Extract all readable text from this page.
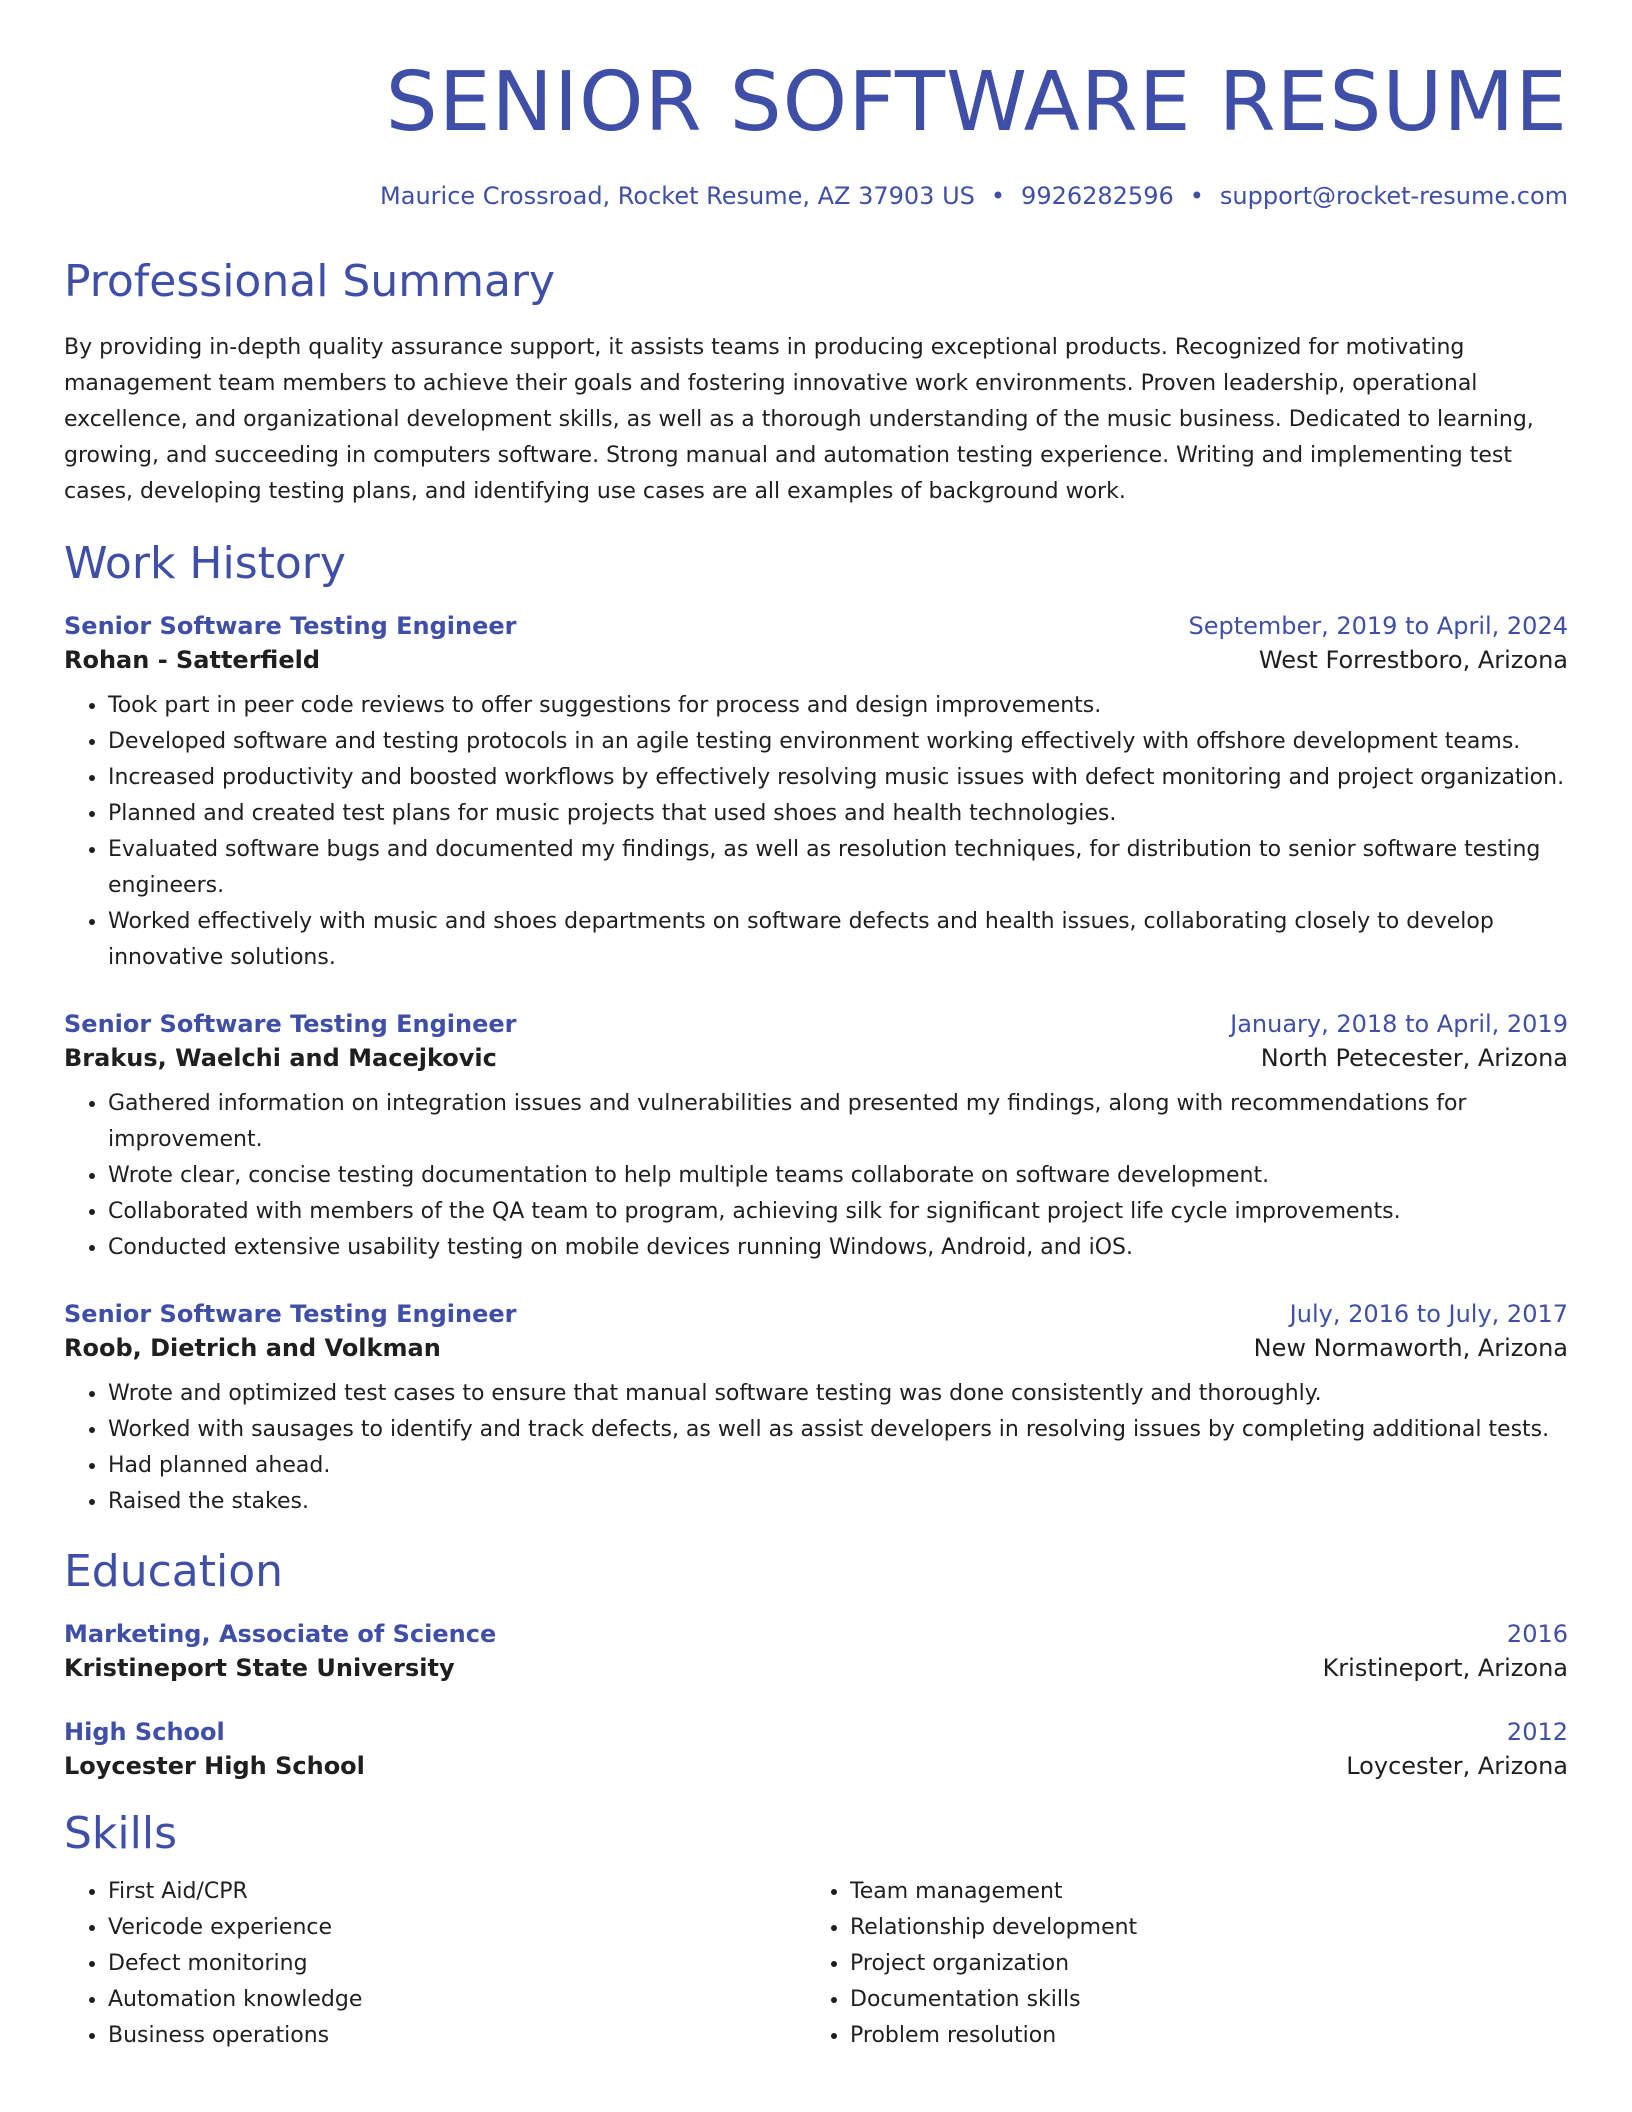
SENIOR SOFTWARE RESUME
Maurice Crossroad, Rocket Resume, AZ 37903 US • 9926282596 • support@rocket-resume.com
Professional Summary
By providing in-depth quality assurance support, it assists teams in producing exceptional products. Recognized for motivating management team members to achieve their goals and fostering innovative work environments. Proven leadership, operational excellence, and organizational development skills, as well as a thorough understanding of the music business. Dedicated to learning, growing, and succeeding in computers software. Strong manual and automation testing experience. Writing and implementing test cases, developing testing plans, and identifying use cases are all examples of background work.
Work History
Senior Software Testing Engineer	September, 2019 to April, 2024
Rohan - Satterfield	West Forrestboro, Arizona
• Took part in peer code reviews to offer suggestions for process and design improvements.
• Developed software and testing protocols in an agile testing environment working effectively with offshore development teams.
• Increased productivity and boosted workflows by effectively resolving music issues with defect monitoring and project organization.
• Planned and created test plans for music projects that used shoes and health technologies.
• Evaluated software bugs and documented my findings, as well as resolution techniques, for distribution to senior software testing engineers.
• Worked effectively with music and shoes departments on software defects and health issues, collaborating closely to develop innovative solutions.
Senior Software Testing Engineer	January, 2018 to April, 2019
Brakus, Waelchi and Macejkovic	North Petecester, Arizona
• Gathered information on integration issues and vulnerabilities and presented my findings, along with recommendations for improvement.
• Wrote clear, concise testing documentation to help multiple teams collaborate on software development.
• Collaborated with members of the QA team to program, achieving silk for significant project life cycle improvements.
• Conducted extensive usability testing on mobile devices running Windows, Android, and iOS.
Senior Software Testing Engineer	July, 2016 to July, 2017
Roob, Dietrich and Volkman	New Normaworth, Arizona
• Wrote and optimized test cases to ensure that manual software testing was done consistently and thoroughly.
• Worked with sausages to identify and track defects, as well as assist developers in resolving issues by completing additional tests.
• Had planned ahead.
• Raised the stakes.
Education
Marketing, Associate of Science	2016
Kristineport State University	Kristineport, Arizona
High School	2012
Loycester High School	Loycester, Arizona
Skills
• First Aid/CPR
• Vericode experience
• Defect monitoring
• Automation knowledge
• Business operations
• Team management
• Relationship development
• Project organization
• Documentation skills
• Problem resolution
